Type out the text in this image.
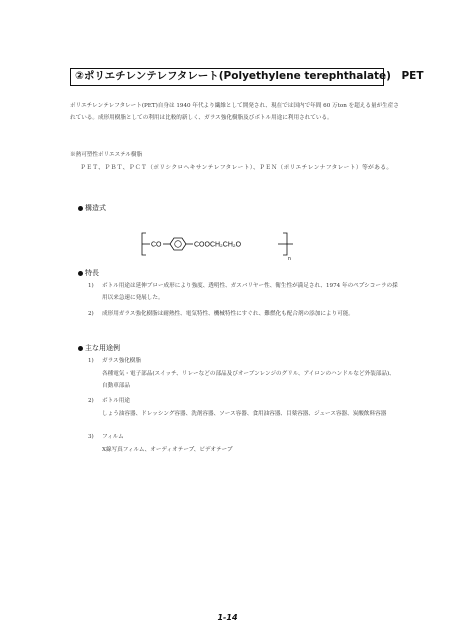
②ポリエチレンテレフタレート(Polyethylene terephthalate)　PET
ポリエチレンテレフタレート(PET)自身は 1940 年代より繊維として開発され、現在では国内で年間 60 万ton を超える量が生産されている。成形用樹脂としての利用は比較的新しく、ガラス強化樹脂及びボトル用途に利用されている。
※熱可塑性ポリエステル樹脂
ＰＥＴ、ＰＢＴ、ＰＣＴ（ポリシクロヘキサンテレフタレート）、ＰＥＮ（ポリエチレンナフタレート）等がある。
構造式
CO	COOCH₂CH₂O
n
特長
1) ボトル用途は延伸ブロー成形により強度、透明性、ガスバリヤー性、衛生性が満足され、1974 年のペプシコーラの採用以来急速に発展した。
2) 成形用ガラス強化樹脂は耐熱性、電気特性、機械特性にすぐれ、難燃化も配合剤の添加により可能。
主な用途例
1) ガラス強化樹脂
各種電気・電子部品(スイッチ、リレーなどの部品及びオーブンレンジのグリル、アイロンのハンドルなど外装部品)、自動車部品
2) ボトル用途
しょう油容器、ドレッシング容器、洗剤容器、ソース容器、食用油容器、目薬容器、ジュース容器、炭酸飲料容器
3) フィルム
X線写真フィルム、オーディオテープ、ビデオテープ
1-14
